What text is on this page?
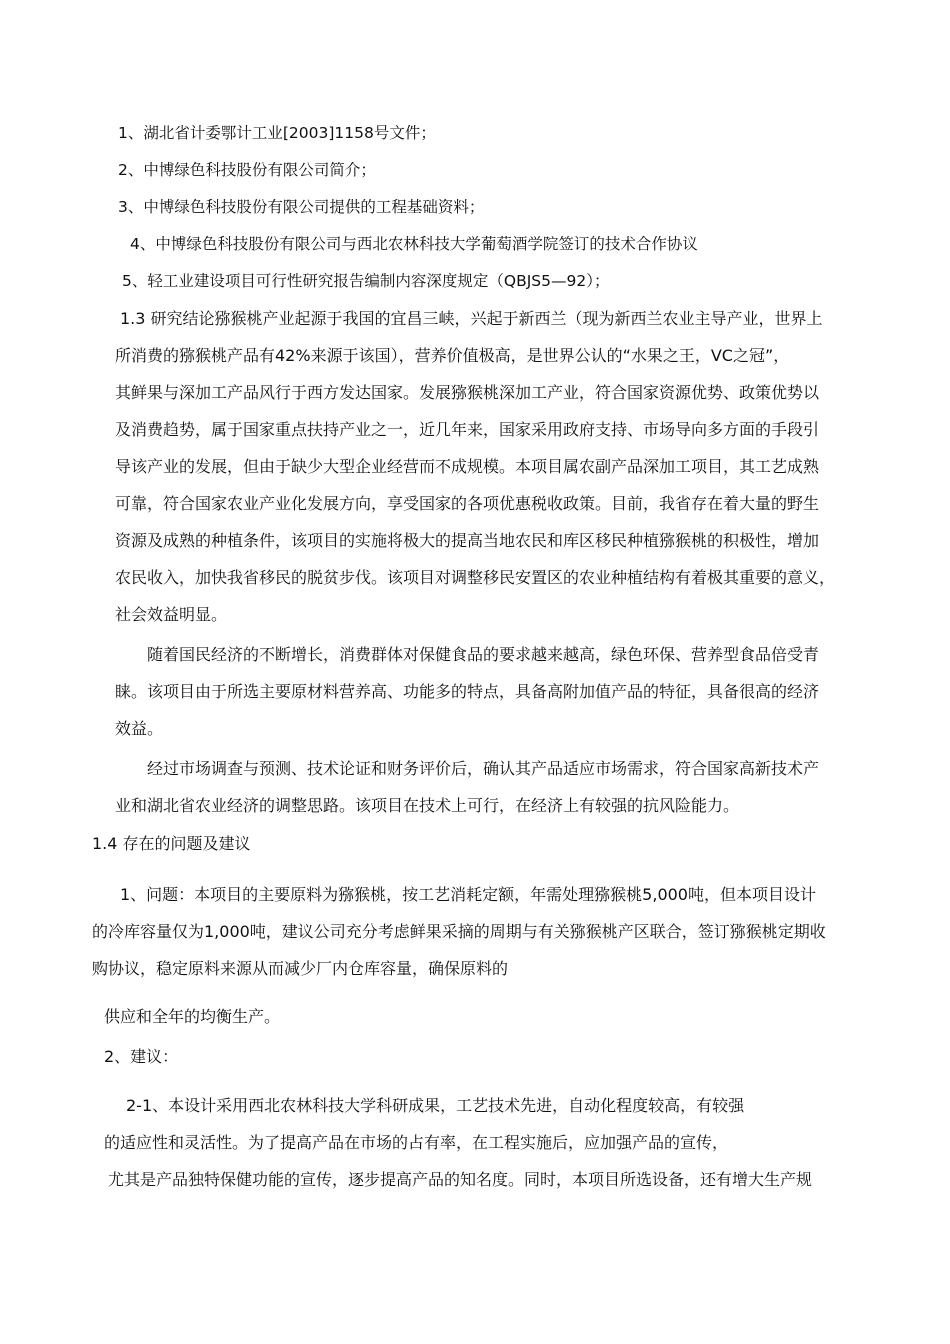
1、湖北省计委鄂计工业[2003]1158号文件；
2、中博绿色科技股份有限公司简介；
3、中博绿色科技股份有限公司提供的工程基础资料；
4、中博绿色科技股份有限公司与西北农林科技大学葡萄酒学院签订的技术合作协议
5、轻工业建设项目可行性研究报告编制内容深度规定（QBJS5—92）；
1.3 研究结论猕猴桃产业起源于我国的宜昌三峡，兴起于新西兰（现为新西兰农业主导产业，世界上
所消费的猕猴桃产品有42%来源于该国），营养价值极高，是世界公认的“水果之王，VC之冠”，
其鲜果与深加工产品风行于西方发达国家。发展猕猴桃深加工产业，符合国家资源优势、政策优势以
及消费趋势，属于国家重点扶持产业之一，近几年来，国家采用政府支持、市场导向多方面的手段引
导该产业的发展，但由于缺少大型企业经营而不成规模。本项目属农副产品深加工项目，其工艺成熟
可靠，符合国家农业产业化发展方向，享受国家的各项优惠税收政策。目前，我省存在着大量的野生
资源及成熟的种植条件，该项目的实施将极大的提高当地农民和库区移民种植猕猴桃的积极性，增加
农民收入，加快我省移民的脱贫步伐。该项目对调整移民安置区的农业种植结构有着极其重要的意义，
社会效益明显。
随着国民经济的不断增长，消费群体对保健食品的要求越来越高，绿色环保、营养型食品倍受青
睐。该项目由于所选主要原材料营养高、功能多的特点，具备高附加值产品的特征，具备很高的经济
效益。
经过市场调查与预测、技术论证和财务评价后，确认其产品适应市场需求，符合国家高新技术产
业和湖北省农业经济的调整思路。该项目在技术上可行，在经济上有较强的抗风险能力。
1.4 存在的问题及建议
1、问题：本项目的主要原料为猕猴桃，按工艺消耗定额，年需处理猕猴桃5,000吨，但本项目设计
的冷库容量仅为1,000吨，建议公司充分考虑鲜果采摘的周期与有关猕猴桃产区联合，签订猕猴桃定期收
购协议，稳定原料来源从而减少厂内仓库容量，确保原料的
供应和全年的均衡生产。
2、建议：
2-1、本设计采用西北农林科技大学科研成果，工艺技术先进，自动化程度较高，有较强
的适应性和灵活性。为了提高产品在市场的占有率，在工程实施后，应加强产品的宣传，
尤其是产品独特保健功能的宣传，逐步提高产品的知名度。同时，本项目所选设备，还有增大生产规
